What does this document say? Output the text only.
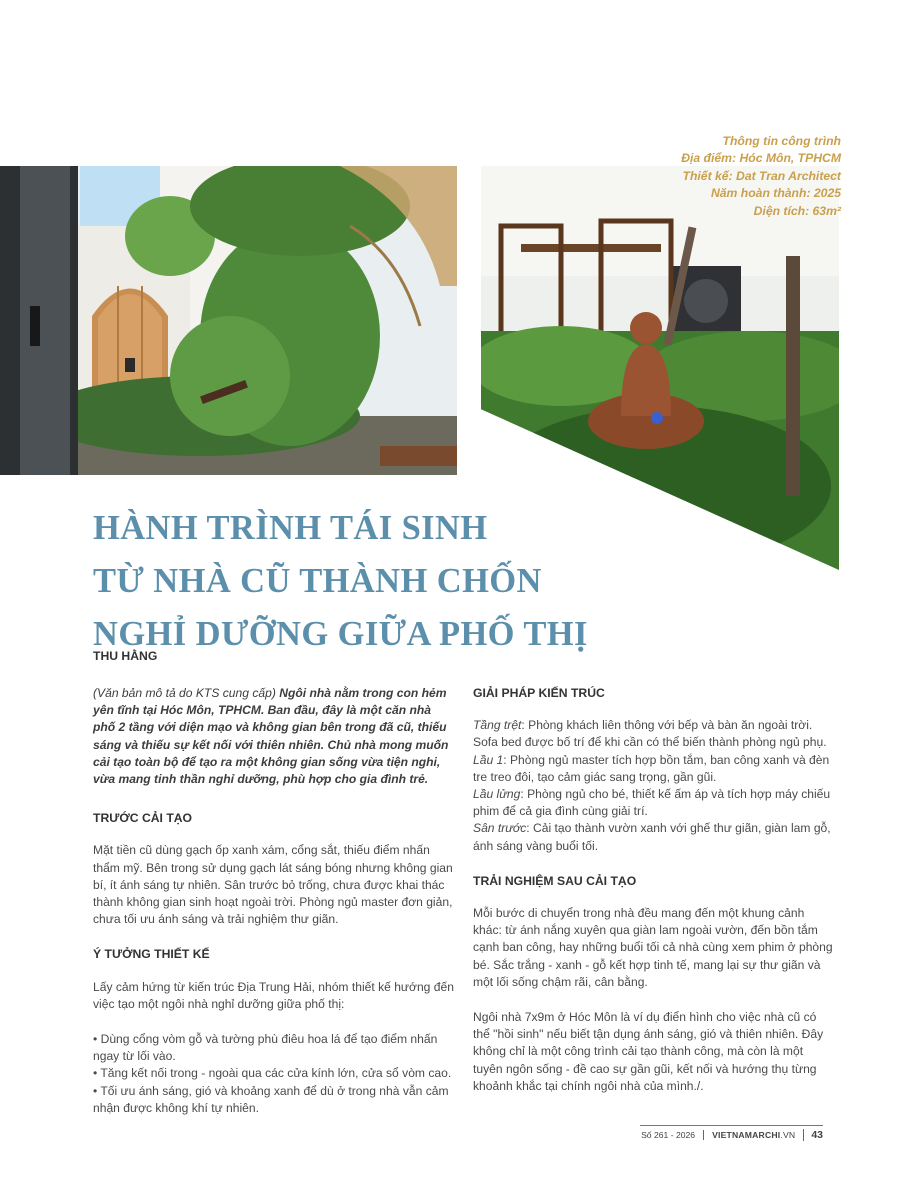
Thông tin công trình
Địa điểm: Hóc Môn, TPHCM
Thiết kế: Dat Tran Architect
Năm hoàn thành: 2025
Diện tích: 63m²
HÀNH TRÌNH TÁI SINH
TỪ NHÀ CŨ THÀNH CHỐN
NGHỈ DƯỠNG GIỮA PHỐ THỊ
THU HẰNG

(Văn bản mô tả do KTS cung cấp) Ngôi nhà nằm trong con hẻm yên tĩnh tại Hóc Môn, TPHCM. Ban đầu, đây là một căn nhà phố 2 tầng với diện mạo và không gian bên trong đã cũ, thiếu sáng và thiếu sự kết nối với thiên nhiên. Chủ nhà mong muốn cải tạo toàn bộ để tạo ra một không gian sống vừa tiện nghi, vừa mang tinh thần nghỉ dưỡng, phù hợp cho gia đình trẻ.

TRƯỚC CẢI TẠO

Mặt tiền cũ dùng gạch ốp xanh xám, cổng sắt, thiếu điểm nhấn thẩm mỹ. Bên trong sử dụng gạch lát sáng bóng nhưng không gian bí, ít ánh sáng tự nhiên. Sân trước bỏ trống, chưa được khai thác thành không gian sinh hoạt ngoài trời. Phòng ngủ master đơn giản, chưa tối ưu ánh sáng và trải nghiệm thư giãn.

Ý TƯỞNG THIẾT KẾ

Lấy cảm hứng từ kiến trúc Địa Trung Hải, nhóm thiết kế hướng đến việc tạo một ngôi nhà nghỉ dưỡng giữa phố thị:

• Dùng cổng vòm gỗ và tường phù điêu hoa lá để tạo điểm nhấn ngay từ lối vào.
• Tăng kết nối trong - ngoài qua các cửa kính lớn, cửa sổ vòm cao.
• Tối ưu ánh sáng, gió và khoảng xanh để dù ở trong nhà vẫn cảm nhận được không khí tự nhiên.
GIẢI PHÁP KIẾN TRÚC

Tầng trệt: Phòng khách liên thông với bếp và bàn ăn ngoài trời. Sofa bed được bố trí để khi cần có thể biến thành phòng ngủ phụ.

Lầu 1: Phòng ngủ master tích hợp bồn tắm, ban công xanh và đèn tre treo đôi, tạo cảm giác sang trọng, gần gũi.

Lầu lửng: Phòng ngủ cho bé, thiết kế ấm áp và tích hợp máy chiếu phim để cả gia đình cùng giải trí.

Sân trước: Cải tạo thành vườn xanh với ghế thư giãn, giàn lam gỗ, ánh sáng vàng buổi tối.

TRẢI NGHIỆM SAU CẢI TẠO

Mỗi bước di chuyển trong nhà đều mang đến một khung cảnh khác: từ ánh nắng xuyên qua giàn lam ngoài vườn, đến bồn tắm cạnh ban công, hay những buổi tối cả nhà cùng xem phim ở phòng bé. Sắc trắng - xanh - gỗ kết hợp tinh tế, mang lại sự thư giãn và một lối sống chậm rãi, cân bằng.

Ngôi nhà 7x9m ở Hóc Môn là ví dụ điển hình cho việc nhà cũ có thể "hồi sinh" nếu biết tận dụng ánh sáng, gió và thiên nhiên. Đây không chỉ là một công trình cải tạo thành công, mà còn là một tuyên ngôn sống - đề cao sự gần gũi, kết nối và hướng thụ từng khoảnh khắc tại chính ngôi nhà của mình./.

Số 261 - 2026	VIETNAMARCHI.VN	43
